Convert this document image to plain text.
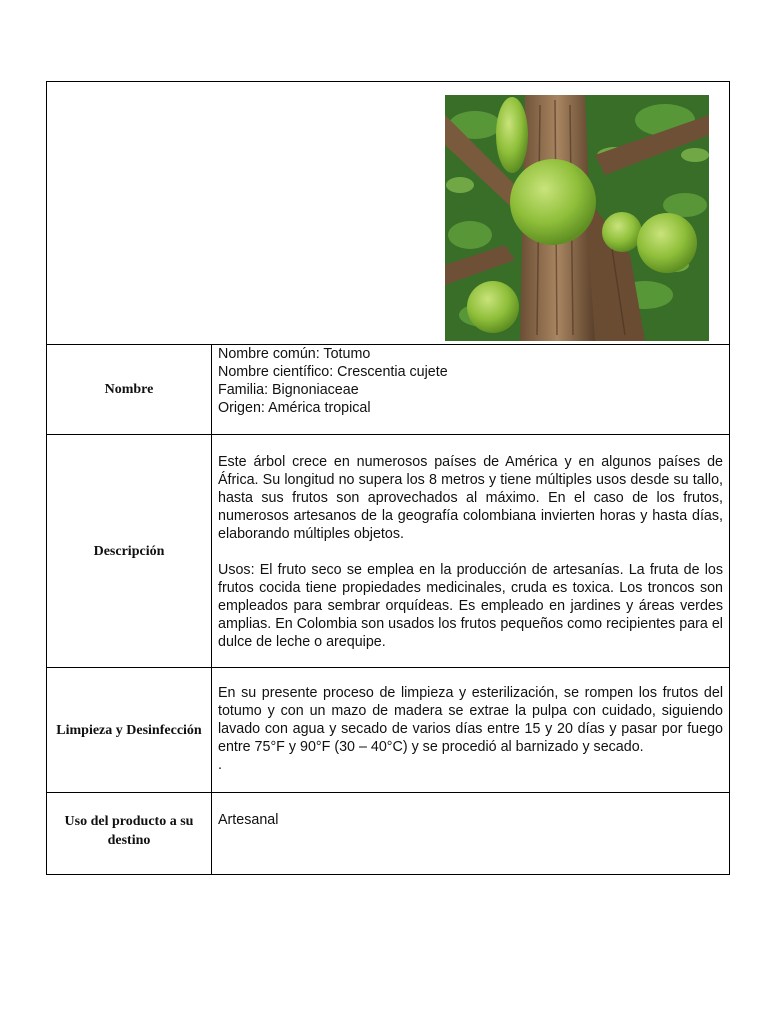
Nombre
Nombre común: Totumo
Nombre científico: Crescentia cujete
Familia: Bignoniaceae
Origen: América tropical
Descripción

Este árbol crece en numerosos países de América y en algunos países de África. Su longitud no supera los 8 metros y tiene múltiples usos desde su tallo, hasta sus frutos son aprovechados al máximo. En el caso de los frutos, numerosos artesanos de la geografía colombiana invierten horas y hasta días, elaborando múltiples objetos.

Usos: El fruto seco se emplea en la producción de artesanías. La fruta de los frutos cocida tiene propiedades medicinales, cruda es toxica. Los troncos son empleados para sembrar orquídeas. Es empleado en jardines y áreas verdes amplias. En Colombia son usados los frutos pequeños como recipientes para el dulce de leche o arequipe.

Limpieza y Desinfección

En su presente proceso de limpieza y esterilización, se rompen los frutos del totumo y con un mazo de madera se extrae la pulpa con cuidado, siguiendo lavado con agua y secado de varios días entre 15 y 20 días y pasar por fuego entre 75°F y 90°F (30 – 40°C) y se procedió al barnizado y secado.

.

Uso del producto a su destino
Artesanal
